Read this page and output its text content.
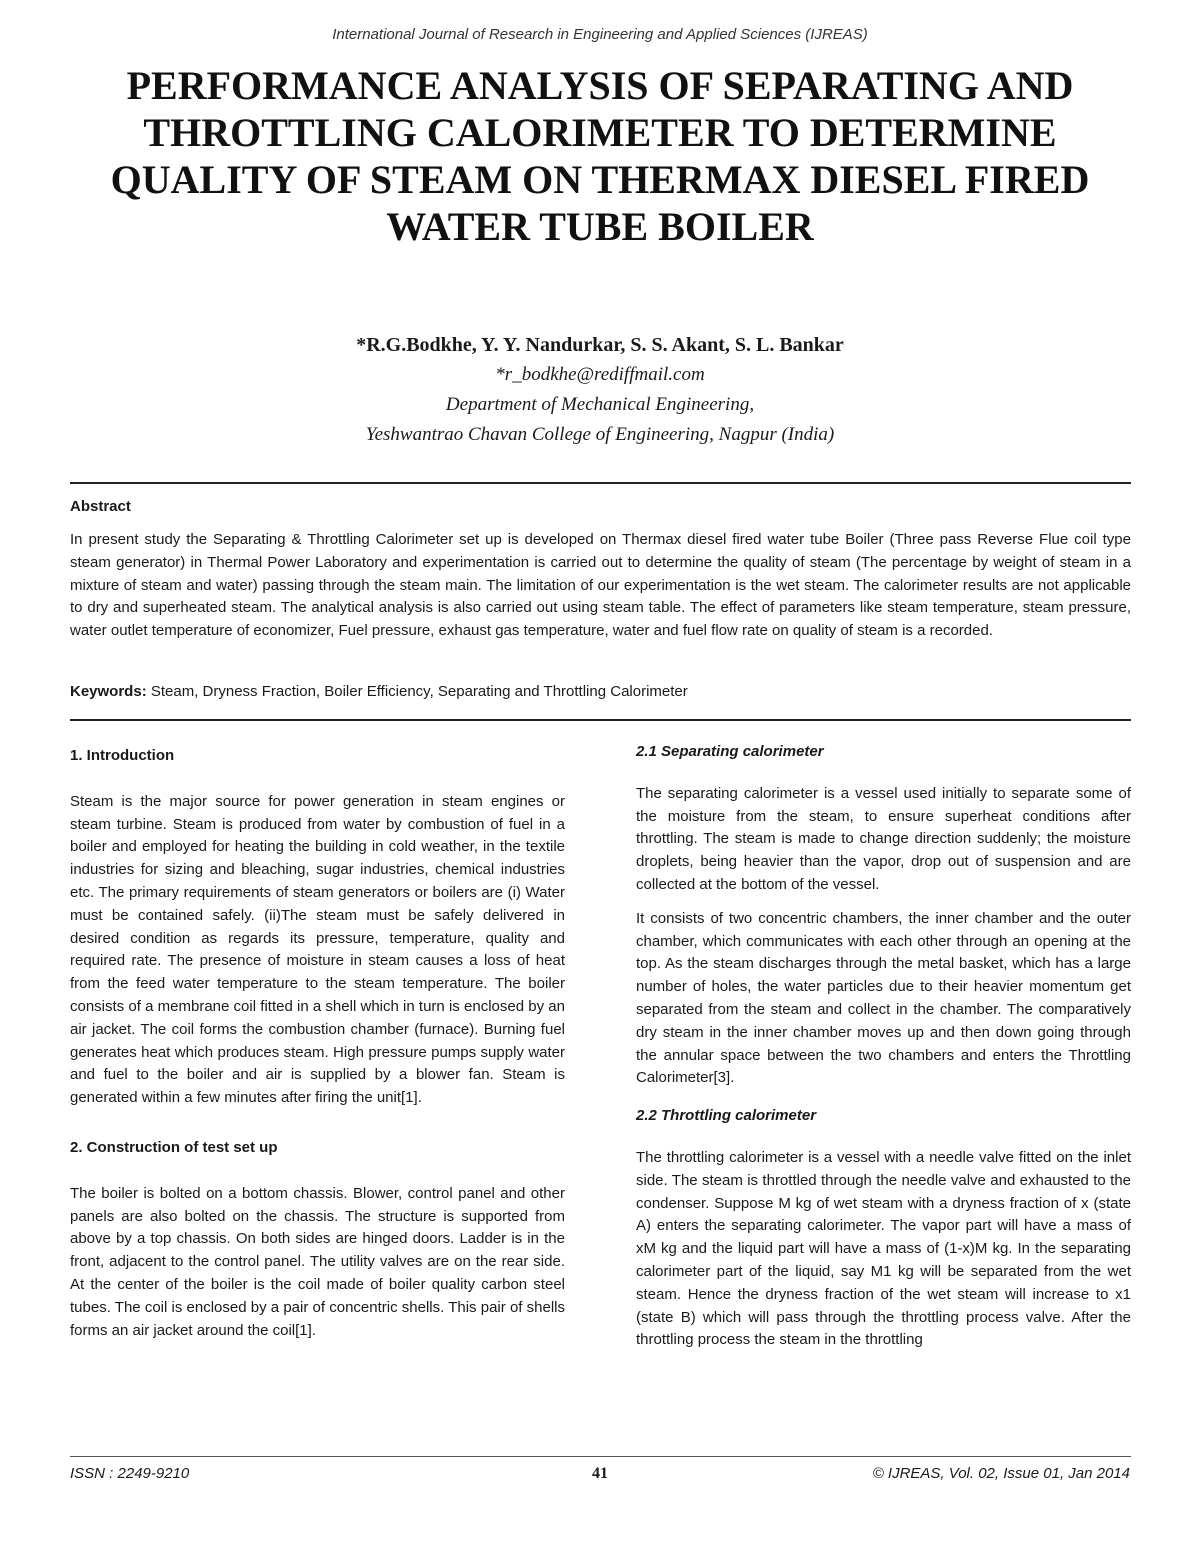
International Journal of Research in Engineering and Applied Sciences (IJREAS)
PERFORMANCE ANALYSIS OF SEPARATING AND THROTTLING CALORIMETER TO DETERMINE QUALITY OF STEAM ON THERMAX DIESEL FIRED WATER TUBE BOILER
*R.G.Bodkhe, Y. Y. Nandurkar, S. S. Akant, S. L. Bankar
*r_bodkhe@rediffmail.com
Department of Mechanical Engineering,
Yeshwantrao Chavan College of Engineering, Nagpur (India)
Abstract

In present study the Separating & Throttling Calorimeter set up is developed on Thermax diesel fired water tube Boiler (Three pass Reverse Flue coil type steam generator) in Thermal Power Laboratory and experimentation is carried out to determine the quality of steam (The percentage by weight of steam in a mixture of steam and water) passing through the steam main. The limitation of our experimentation is the wet steam. The calorimeter results are not applicable to dry and superheated steam. The analytical analysis is also carried out using steam table. The effect of parameters like steam temperature, steam pressure, water outlet temperature of economizer, Fuel pressure, exhaust gas temperature, water and fuel flow rate on quality of steam is a recorded.

Keywords: Steam, Dryness Fraction, Boiler Efficiency, Separating and Throttling Calorimeter

1. Introduction

Steam is the major source for power generation in steam engines or steam turbine. Steam is produced from water by combustion of fuel in a boiler and employed for heating the building in cold weather, in the textile industries for sizing and bleaching, sugar industries, chemical industries etc. The primary requirements of steam generators or boilers are (i) Water must be contained safely. (ii)The steam must be safely delivered in desired condition as regards its pressure, temperature, quality and required rate. The presence of moisture in steam causes a loss of heat from the feed water temperature to the steam temperature. The boiler consists of a membrane coil fitted in a shell which in turn is enclosed by an air jacket. The coil forms the combustion chamber (furnace). Burning fuel generates heat which produces steam. High pressure pumps supply water and fuel to the boiler and air is supplied by a blower fan. Steam is generated within a few minutes after firing the unit[1].

2. Construction of test set up

The boiler is bolted on a bottom chassis. Blower, control panel and other panels are also bolted on the chassis. The structure is supported from above by a top chassis. On both sides are hinged doors. Ladder is in the front, adjacent to the control panel. The utility valves are on the rear side. At the center of the boiler is the coil made of boiler quality carbon steel tubes. The coil is enclosed by a pair of concentric shells. This pair of shells forms an air jacket around the coil[1].

2.1 Separating calorimeter

The separating calorimeter is a vessel used initially to separate some of the moisture from the steam, to ensure superheat conditions after throttling. The steam is made to change direction suddenly; the moisture droplets, being heavier than the vapor, drop out of suspension and are collected at the bottom of the vessel.

It consists of two concentric chambers, the inner chamber and the outer chamber, which communicates with each other through an opening at the top. As the steam discharges through the metal basket, which has a large number of holes, the water particles due to their heavier momentum get separated from the steam and collect in the chamber. The comparatively dry steam in the inner chamber moves up and then down going through the annular space between the two chambers and enters the Throttling Calorimeter[3].

2.2 Throttling calorimeter

The throttling calorimeter is a vessel with a needle valve fitted on the inlet side. The steam is throttled through the needle valve and exhausted to the condenser. Suppose M kg of wet steam with a dryness fraction of x (state A) enters the separating calorimeter. The vapor part will have a mass of xM kg and the liquid part will have a mass of (1-x)M kg. In the separating calorimeter part of the liquid, say M1 kg will be separated from the wet steam. Hence the dryness fraction of the wet steam will increase to x1 (state B) which will pass through the throttling process valve. After the throttling process the steam in the throttling

ISSN : 2249-9210	41	© IJREAS, Vol. 02, Issue 01, Jan 2014
